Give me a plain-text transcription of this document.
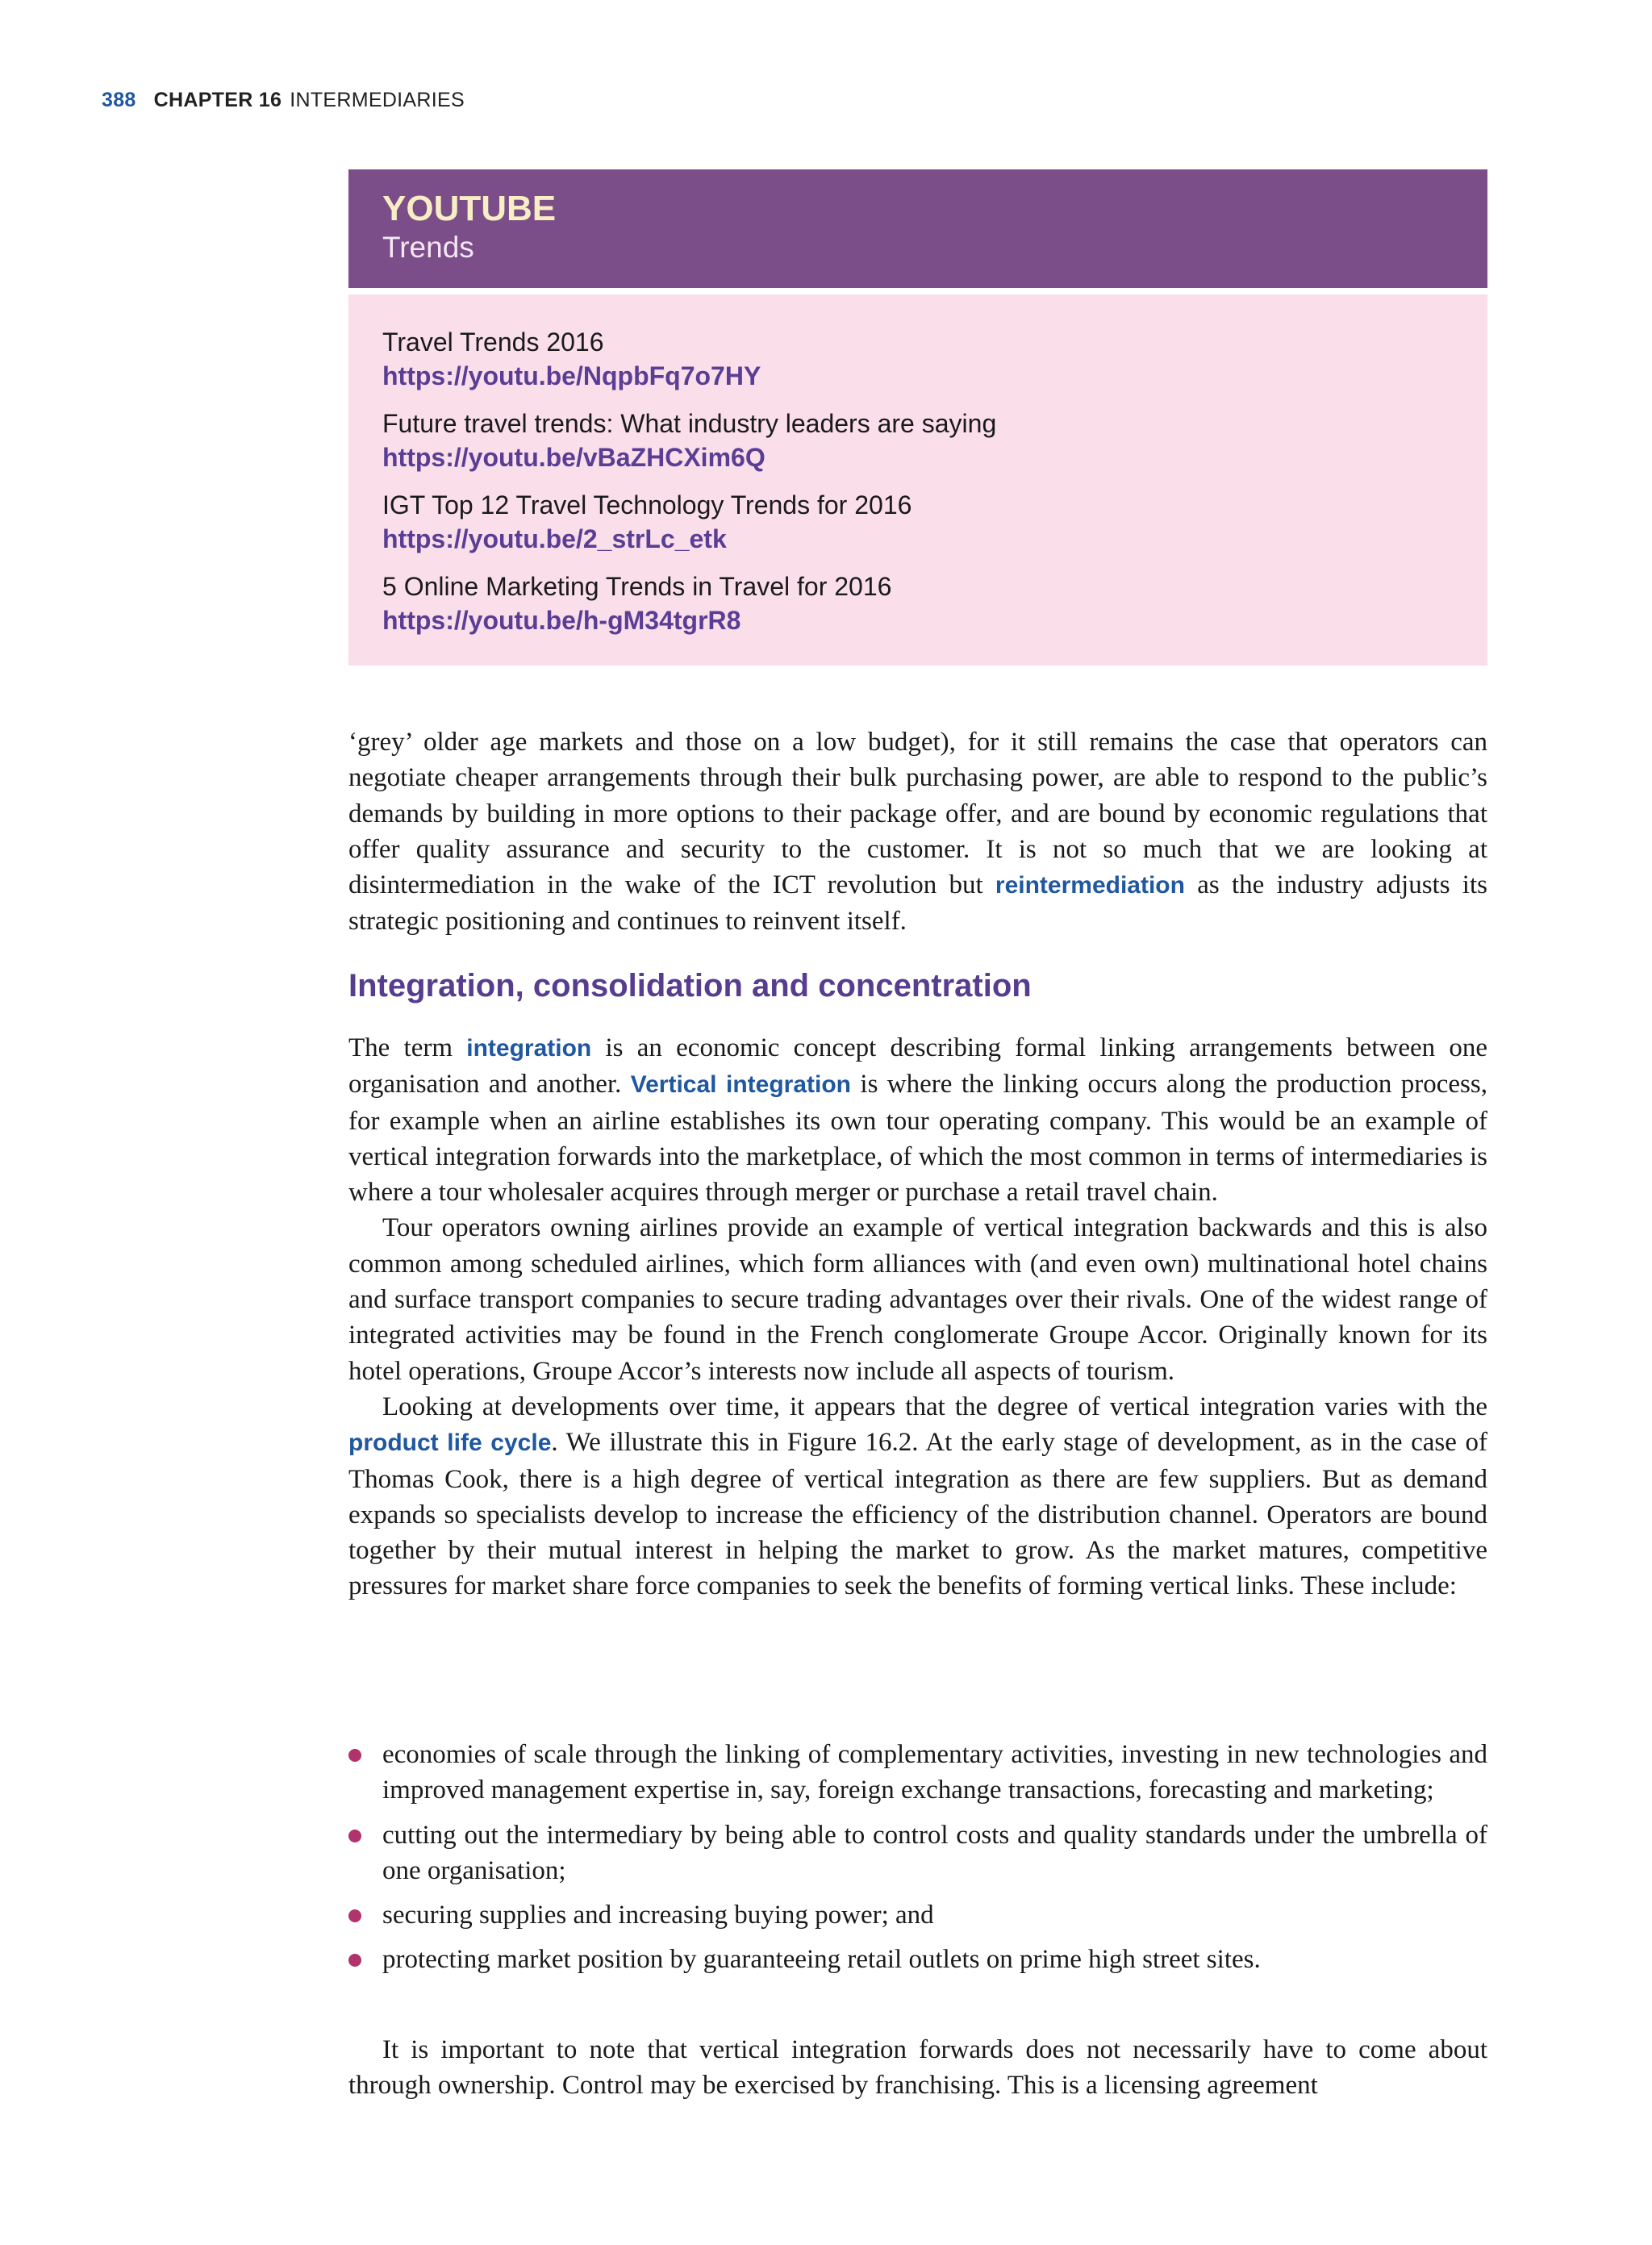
388 CHAPTER 16 INTERMEDIARIES
YOUTUBE
Trends
Travel Trends 2016
https://youtu.be/NqpbFq7o7HY
Future travel trends: What industry leaders are saying
https://youtu.be/vBaZHCXim6Q
IGT Top 12 Travel Technology Trends for 2016
https://youtu.be/2_strLc_etk
5 Online Marketing Trends in Travel for 2016
https://youtu.be/h-gM34tgrR8

‘grey’ older age markets and those on a low budget), for it still remains the case that operators can negotiate cheaper arrangements through their bulk purchasing power, are able to respond to the public’s demands by building in more options to their package offer, and are bound by economic regulations that offer quality assurance and security to the customer. It is not so much that we are looking at disintermediation in the wake of the ICT revolution but reintermediation as the industry adjusts its strategic positioning and continues to reinvent itself.

Integration, consolidation and concentration

The term integration is an economic concept describing formal linking arrangements between one organisation and another. Vertical integration is where the linking occurs along the production process, for example when an airline establishes its own tour operating company. This would be an example of vertical integration forwards into the marketplace, of which the most common in terms of intermediaries is where a tour wholesaler acquires through merger or purchase a retail travel chain.

Tour operators owning airlines provide an example of vertical integration backwards and this is also common among scheduled airlines, which form alliances with (and even own) multinational hotel chains and surface transport companies to secure trading advantages over their rivals. One of the widest range of integrated activities may be found in the French conglomerate Groupe Accor. Originally known for its hotel operations, Groupe Accor’s interests now include all aspects of tourism.

Looking at developments over time, it appears that the degree of vertical integration varies with the product life cycle. We illustrate this in Figure 16.2. At the early stage of development, as in the case of Thomas Cook, there is a high degree of vertical integration as there are few suppliers. But as demand expands so specialists develop to increase the efficiency of the distribution channel. Operators are bound together by their mutual interest in helping the market to grow. As the market matures, competitive pressures for market share force companies to seek the benefits of forming vertical links. These include:

economies of scale through the linking of complementary activities, investing in new technologies and improved management expertise in, say, foreign exchange transactions, forecasting and marketing;
cutting out the intermediary by being able to control costs and quality standards under the umbrella of one organisation;
securing supplies and increasing buying power; and
protecting market position by guaranteeing retail outlets on prime high street sites.

It is important to note that vertical integration forwards does not necessarily have to come about through ownership. Control may be exercised by franchising. This is a licensing agreement
